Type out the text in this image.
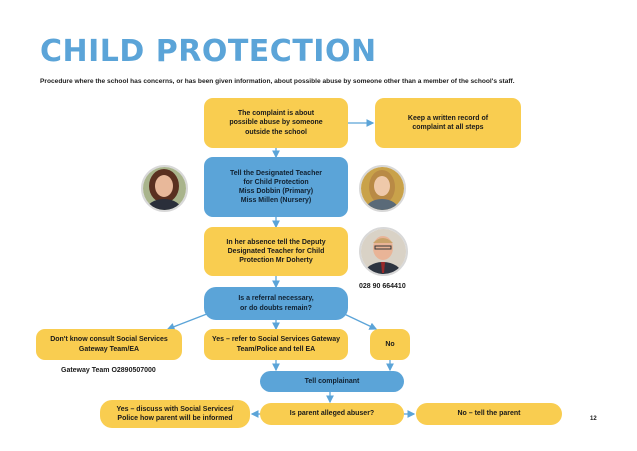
CHILD PROTECTION

Procedure where the school has concerns, or has been given information, about possible abuse by someone other than a member of the school's staff.

The complaint is about
possible abuse by someone
outside the school
Keep a written record of
complaint at all steps
Tell the Designated Teacher
for Child Protection
Miss Dobbin (Primary)
Miss Millen (Nursery)
In her absence tell the Deputy
Designated Teacher for Child
Protection Mr Doherty
Is a referral necessary,
or do doubts remain?
Don't know consult Social Services
Gateway Team/EA
Yes – refer to Social Services Gateway
Team/Police and tell EA
No
Tell complainant
Is parent alleged abuser?
Yes – discuss with Social Services/
Police how parent will be informed
No – tell the parent
Gateway Team O2890507000
028 90 664410
12
